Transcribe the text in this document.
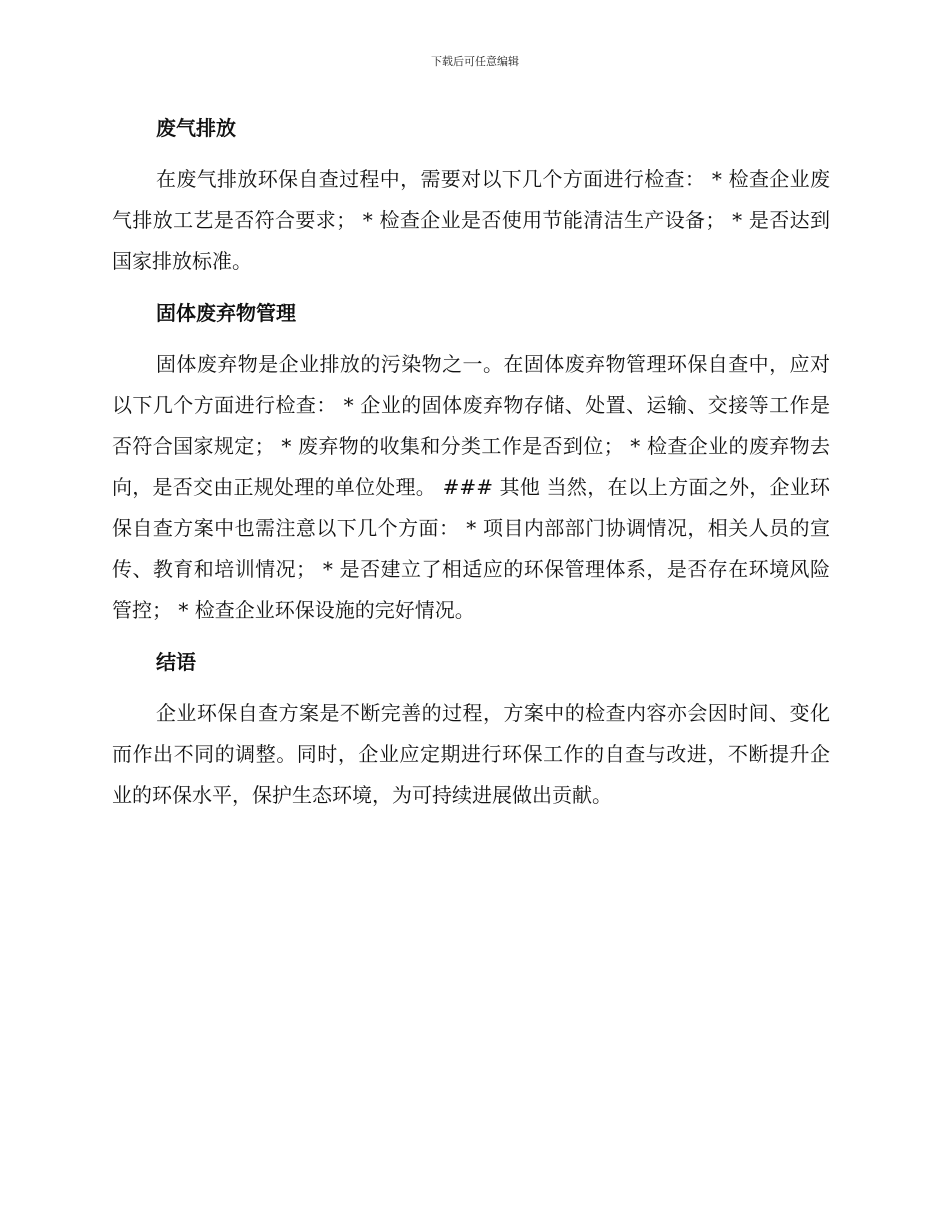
下载后可任意编辑
废气排放

在废气排放环保自查过程中，需要对以下几个方面进行检查： * 检查企业废气排放工艺是否符合要求； * 检查企业是否使用节能清洁生产设备； * 是否达到国家排放标准。

固体废弃物管理

固体废弃物是企业排放的污染物之一。在固体废弃物管理环保自查中，应对以下几个方面进行检查： * 企业的固体废弃物存储、处置、运输、交接等工作是否符合国家规定； * 废弃物的收集和分类工作是否到位； * 检查企业的废弃物去向，是否交由正规处理的单位处理。 ### 其他 当然，在以上方面之外，企业环保自查方案中也需注意以下几个方面： * 项目内部部门协调情况，相关人员的宣传、教育和培训情况； * 是否建立了相适应的环保管理体系，是否存在环境风险管控； * 检查企业环保设施的完好情况。

结语

企业环保自查方案是不断完善的过程，方案中的检查内容亦会因时间、变化而作出不同的调整。同时，企业应定期进行环保工作的自查与改进，不断提升企业的环保水平，保护生态环境，为可持续进展做出贡献。
